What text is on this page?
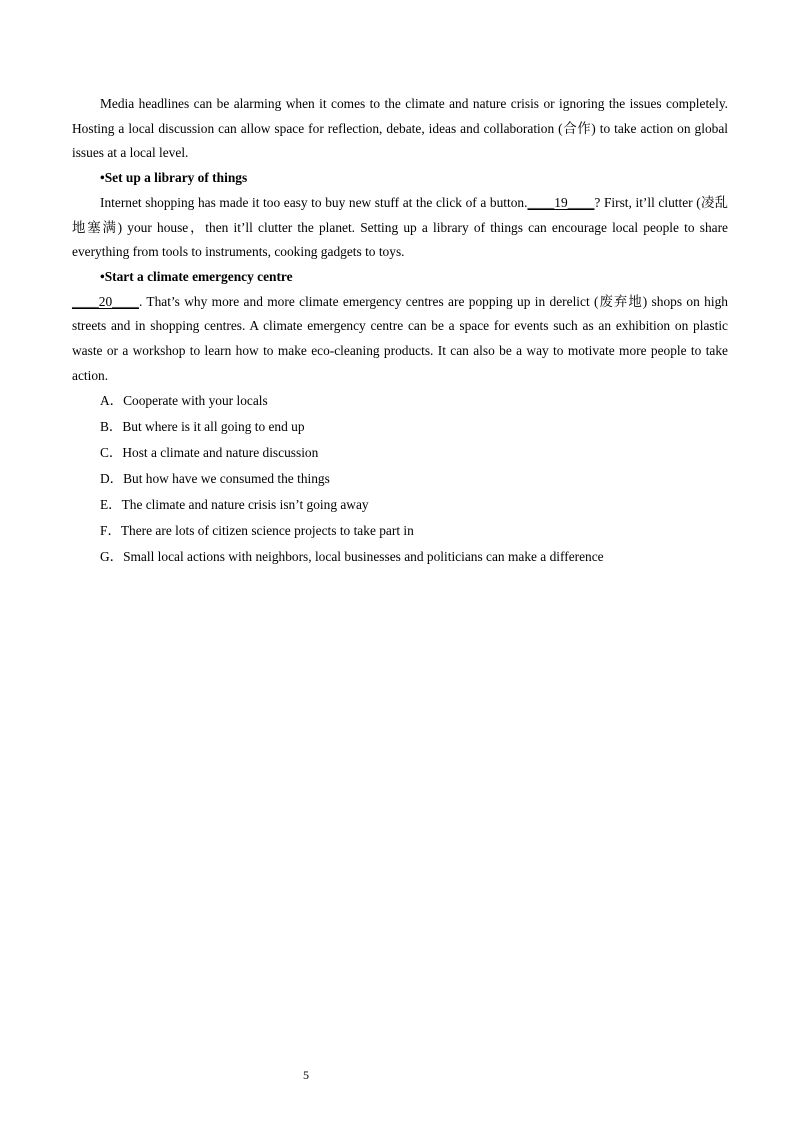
Media headlines can be alarming when it comes to the climate and nature crisis or ignoring the issues completely. Hosting a local discussion can allow space for reflection, debate, ideas and collaboration (合作) to take action on global issues at a local level.

•Set up a library of things

Internet shopping has made it too easy to buy new stuff at the click of a button.____19____? First, it’ll clutter (凌乱地塞满) your house，then it’ll clutter the planet. Setting up a library of things can encourage local people to share everything from tools to instruments, cooking gadgets to toys.

•Start a climate emergency centre

____20____. That’s why more and more climate emergency centres are popping up in derelict (废弃地) shops on high streets and in shopping centres. A climate emergency centre can be a space for events such as an exhibition on plastic waste or a workshop to learn how to make eco-cleaning products. It can also be a way to motivate more people to take action.

A．Cooperate with your locals
B．But where is it all going to end up
C．Host a climate and nature discussion
D．But how have we consumed the things
E．The climate and nature crisis isn’t going away
F．There are lots of citizen science projects to take part in
G．Small local actions with neighbors, local businesses and politicians can make a difference
5
